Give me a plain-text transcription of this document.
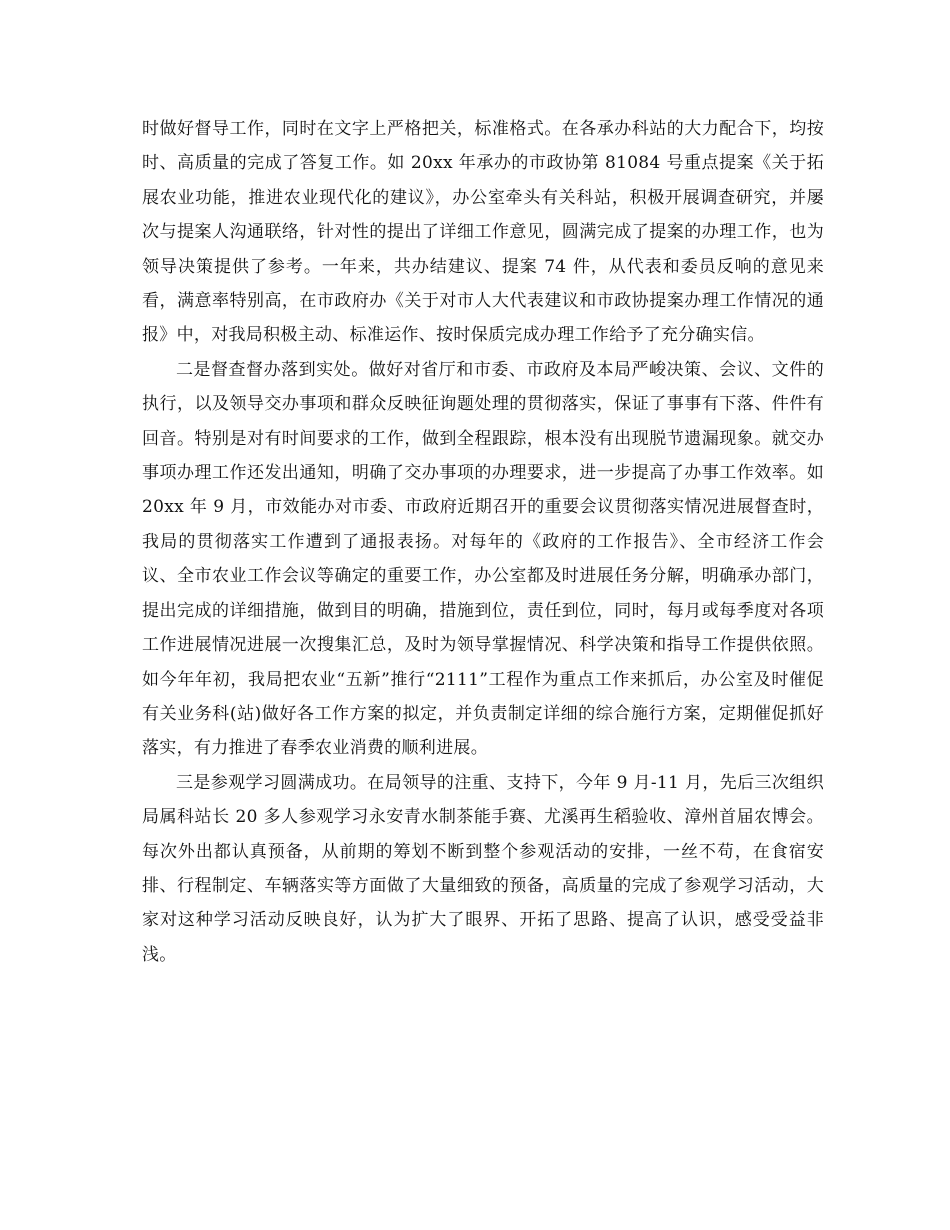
时做好督导工作，同时在文字上严格把关，标准格式。在各承办科站的大力配合下，均按时、高质量的完成了答复工作。如 20xx 年承办的市政协第 81084 号重点提案《关于拓展农业功能，推进农业现代化的建议》，办公室牵头有关科站，积极开展调查研究，并屡次与提案人沟通联络，针对性的提出了详细工作意见，圆满完成了提案的办理工作，也为领导决策提供了参考。一年来，共办结建议、提案 74 件，从代表和委员反响的意见来看，满意率特别高，在市政府办《关于对市人大代表建议和市政协提案办理工作情况的通报》中，对我局积极主动、标准运作、按时保质完成办理工作给予了充分确实信。

二是督查督办落到实处。做好对省厅和市委、市政府及本局严峻决策、会议、文件的执行，以及领导交办事项和群众反映征询题处理的贯彻落实，保证了事事有下落、件件有回音。特别是对有时间要求的工作，做到全程跟踪，根本没有出现脱节遗漏现象。就交办事项办理工作还发出通知，明确了交办事项的办理要求，进一步提高了办事工作效率。如 20xx 年 9 月，市效能办对市委、市政府近期召开的重要会议贯彻落实情况进展督查时，我局的贯彻落实工作遭到了通报表扬。对每年的《政府的工作报告》、全市经济工作会议、全市农业工作会议等确定的重要工作，办公室都及时进展任务分解，明确承办部门，提出完成的详细措施，做到目的明确，措施到位，责任到位，同时，每月或每季度对各项工作进展情况进展一次搜集汇总，及时为领导掌握情况、科学决策和指导工作提供依照。如今年年初，我局把农业“五新”推行“2111”工程作为重点工作来抓后，办公室及时催促有关业务科(站)做好各工作方案的拟定，并负责制定详细的综合施行方案，定期催促抓好落实，有力推进了春季农业消费的顺利进展。

三是参观学习圆满成功。在局领导的注重、支持下，今年 9 月-11 月，先后三次组织局属科站长 20 多人参观学习永安青水制茶能手赛、尤溪再生稻验收、漳州首届农博会。每次外出都认真预备，从前期的筹划不断到整个参观活动的安排，一丝不苟，在食宿安排、行程制定、车辆落实等方面做了大量细致的预备，高质量的完成了参观学习活动，大家对这种学习活动反映良好，认为扩大了眼界、开拓了思路、提高了认识，感受受益非浅。
